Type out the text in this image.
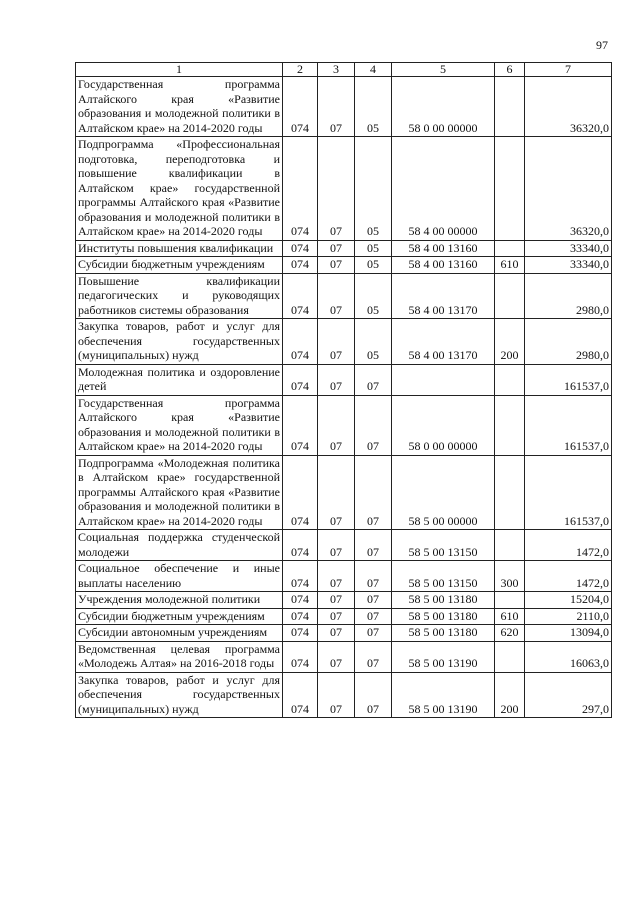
97
1	2	3	4	5	6	7
Государственная программа Алтайского края «Развитие образования и молодежной политики в Алтайском крае» на 2014-2020 годы	074	07	05	58 0 00 00000		36320,0
Подпрограмма «Профессиональная подготовка, переподготовка и повышение квалификации в Алтайском крае» государственной программы Алтайского края «Развитие образования и молодежной политики в Алтайском крае» на 2014-2020 годы	074	07	05	58 4 00 00000		36320,0
Институты повышения квалификации	074	07	05	58 4 00 13160		33340,0
Субсидии бюджетным учреждениям	074	07	05	58 4 00 13160	610	33340,0
Повышение квалификации педагогических и руководящих работников системы образования	074	07	05	58 4 00 13170		2980,0
Закупка товаров, работ и услуг для обеспечения государственных (муниципальных) нужд	074	07	05	58 4 00 13170	200	2980,0
Молодежная политика и оздоровление детей	074	07	07			161537,0
Государственная программа Алтайского края «Развитие образования и молодежной политики в Алтайском крае» на 2014-2020 годы	074	07	07	58 0 00 00000		161537,0
Подпрограмма «Молодежная политика в Алтайском крае» государственной программы Алтайского края «Развитие образования и молодежной политики в Алтайском крае» на 2014-2020 годы	074	07	07	58 5 00 00000		161537,0
Социальная поддержка студенческой молодежи	074	07	07	58 5 00 13150		1472,0
Социальное обеспечение и иные выплаты населению	074	07	07	58 5 00 13150	300	1472,0
Учреждения молодежной политики	074	07	07	58 5 00 13180		15204,0
Субсидии бюджетным учреждениям	074	07	07	58 5 00 13180	610	2110,0
Субсидии автономным учреждениям	074	07	07	58 5 00 13180	620	13094,0
Ведомственная целевая программа «Молодежь Алтая» на 2016-2018 годы	074	07	07	58 5 00 13190		16063,0
Закупка товаров, работ и услуг для обеспечения государственных (муниципальных) нужд	074	07	07	58 5 00 13190	200	297,0
